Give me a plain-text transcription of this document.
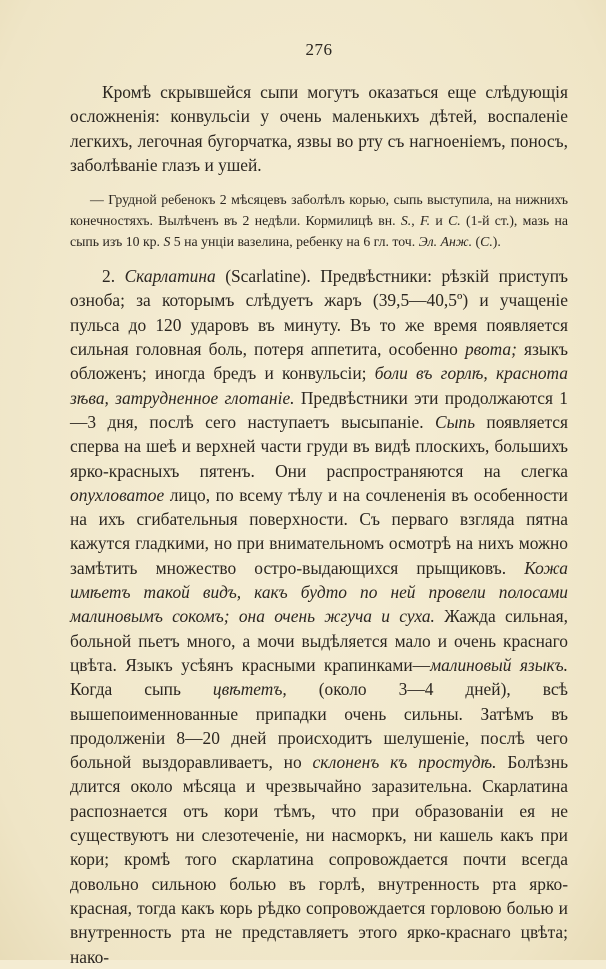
276

Кромѣ скрывшейся сыпи могутъ оказаться еще слѣдующія осложненія: конвульсіи у очень маленькихъ дѣтей, воспаленіе легкихъ, легочная бугорчатка, язвы во рту съ нагноеніемъ, поносъ, заболѣваніе глазъ и ушей.

— Грудной ребенокъ 2 мѣсяцевъ заболѣлъ корью, сыпь выступила, на нижнихъ конечностяхъ. Вылѣченъ въ 2 недѣли. Кормилицѣ вн. S., F. и C. (1-й ст.), мазь на сыпь изъ 10 кр. S 5 на унціи вазелина, ребенку на 6 гл. точ. Эл. Анж. (C.).

2. Скарлатина (Scarlatine). Предвѣстники: рѣзкій приступъ озноба; за которымъ слѣдуетъ жаръ (39,5—40,5º) и учащеніе пульса до 120 ударовъ въ минуту. Въ то же время появляется сильная головная боль, потеря аппетита, особенно рвота; языкъ обложенъ; иногда бредъ и конвульсіи; боли въ горлѣ, краснота зѣва, затрудненное глотаніе. Предвѣстники эти продолжаются 1—3 дня, послѣ сего наступаетъ высыпаніе. Сыпь появляется сперва на шеѣ и верхней части груди въ видѣ плоскихъ, большихъ ярко-красныхъ пятенъ. Они распространяются на слегка опухловатое лицо, по всему тѣлу и на сочлененія въ особенности на ихъ сгибательныя поверхности. Съ перваго взгляда пятна кажутся гладкими, но при внимательномъ осмотрѣ на нихъ можно замѣтить множество остро-выдающихся прыщиковъ. Кожа имѣетъ такой видъ, какъ будто по ней провели полосами малиновымъ сокомъ; она очень жгуча и суха. Жажда сильная, больной пьетъ много, а мочи выдѣляется мало и очень краснаго цвѣта. Языкъ усѣянъ красными крапинками—малиновый языкъ. Когда сыпь цвѣтетъ, (около 3—4 дней), всѣ вышепоименнованные припадки очень сильны. Затѣмъ въ продолженіи 8—20 дней происходитъ шелушеніе, послѣ чего больной выздоравливаетъ, но склоненъ къ простудѣ. Болѣзнь длится около мѣсяца и чрезвычайно заразительна. Скарлатина распознается отъ кори тѣмъ, что при образованіи ея не существуютъ ни слезотеченіе, ни насморкъ, ни кашель какъ при кори; кромѣ того скарлатина сопровождается почти всегда довольно сильною болью въ горлѣ, внутренность рта ярко-красная, тогда какъ корь рѣдко сопровождается горловою болью и внутренность рта не представляетъ этого ярко-краснаго цвѣта; нако-
